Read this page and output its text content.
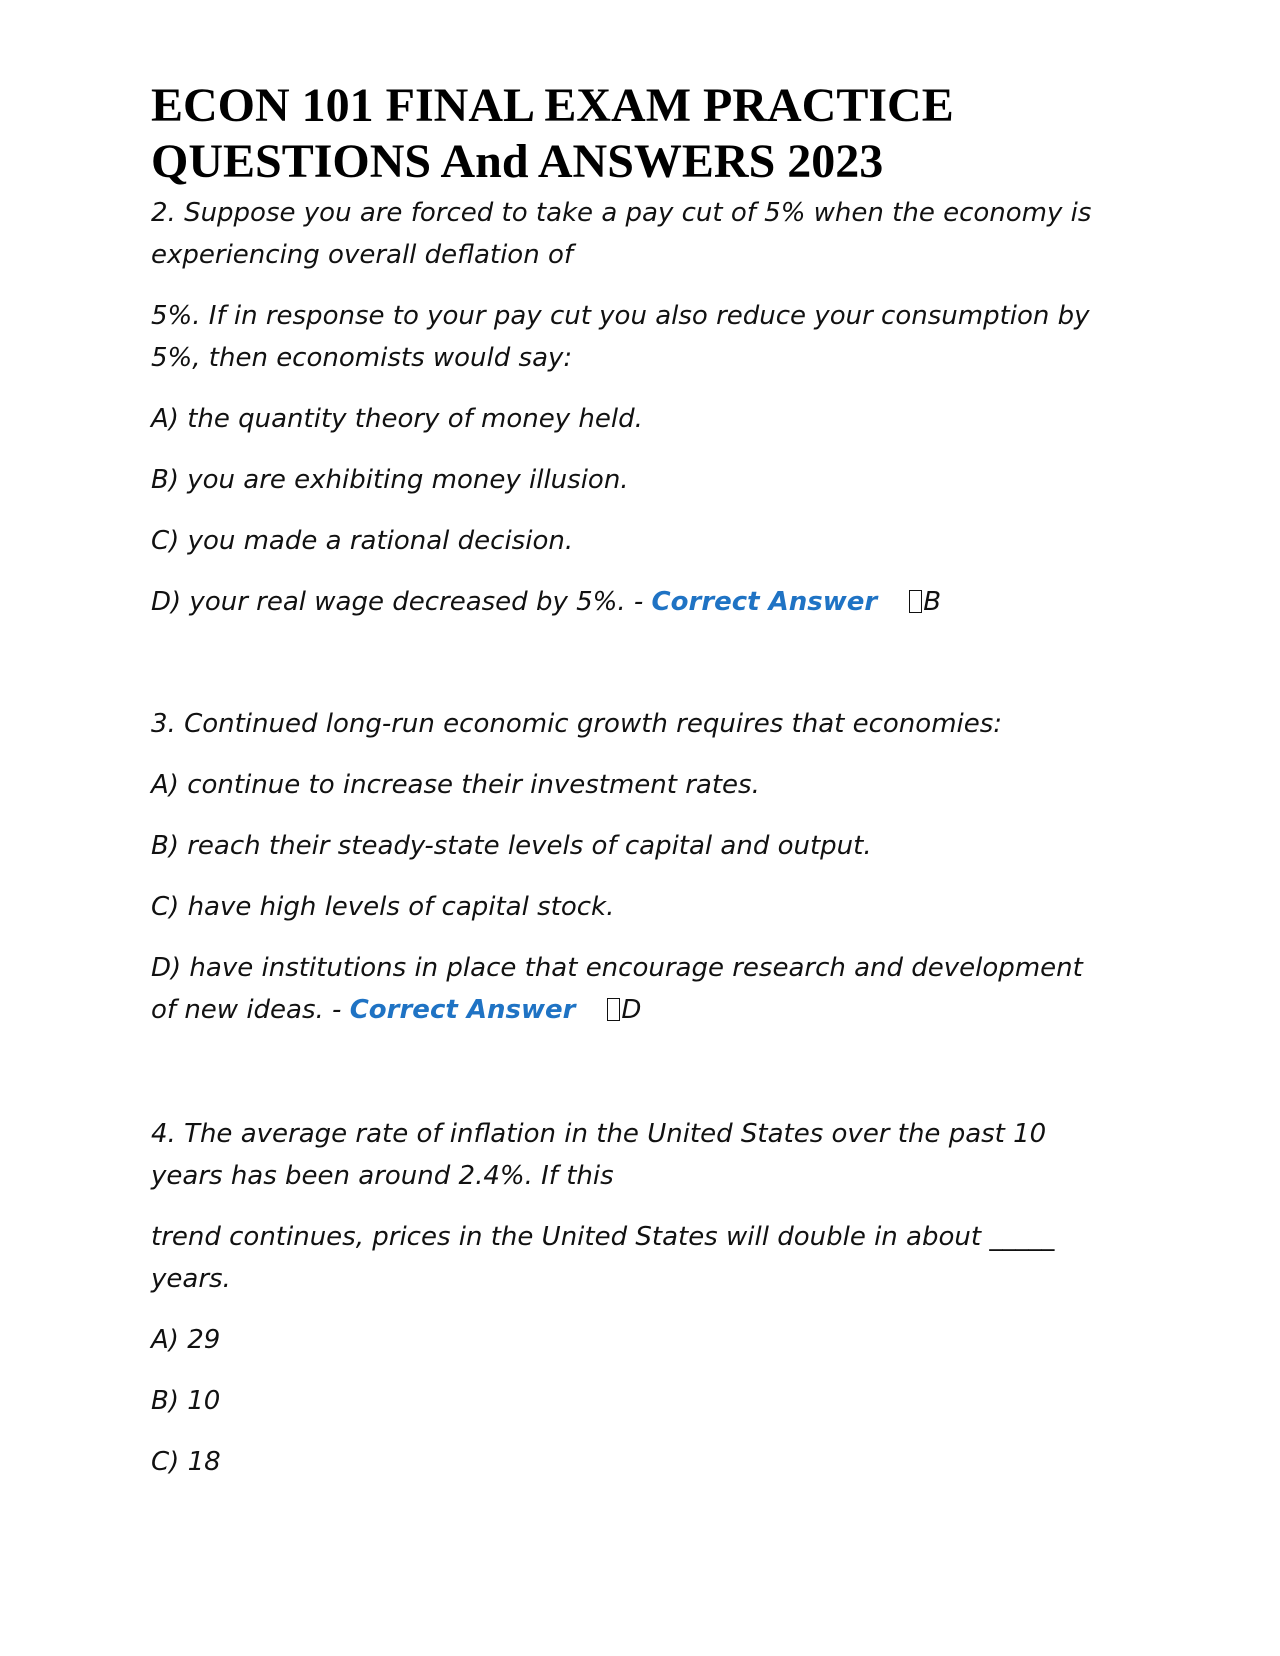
ECON 101 FINAL EXAM PRACTICE
QUESTIONS And ANSWERS 2023

2. Suppose you are forced to take a pay cut of 5% when the economy is

experiencing overall deflation of

5%. If in response to your pay cut you also reduce your consumption by

5%, then economists would say:

A) the quantity theory of money held.

B) you are exhibiting money illusion.

C) you made a rational decision.

D) your real wage decreased by 5%. - Correct Answer B

3. Continued long-run economic growth requires that economies:

A) continue to increase their investment rates.

B) reach their steady-state levels of capital and output.

C) have high levels of capital stock.

D) have institutions in place that encourage research and development

of new ideas. - Correct Answer D

4. The average rate of inflation in the United States over the past 10

years has been around 2.4%. If this

trend continues, prices in the United States will double in about _____

years.

A) 29

B) 10

C) 18
